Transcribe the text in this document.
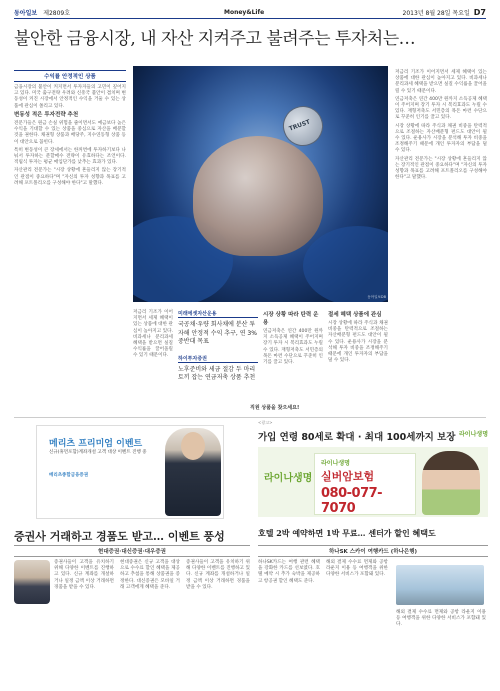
동아일보 제2809호	Money&Life	2013년 8월 28일 목요일 D7
불안한 금융시장, 내 자산 지켜주고 불려주는 투자처는…
수익률 안정적인 상품

금융시장의 불안이 커지면서 투자자들의 고민이 깊어지고 있다. 미국 출구전략 우려와 신흥국 불안이 겹치며 변동성이 커진 시장에서 안정적인 수익을 거둘 수 있는 상품에 관심이 쏠리고 있다.

변동성 적은 투자전략 추천

전문가들은 원금 손실 위험을 줄이면서도 예금보다 높은 수익을 기대할 수 있는 상품을 중심으로 자산을 배분할 것을 권한다. 채권형 상품과 배당주, 지수연동형 상품 등이 대안으로 꼽힌다.

특히 변동성이 큰 장세에서는 한꺼번에 투자하기보다 나눠서 투자하는 분할매수 전략이 유효하다는 조언이다. 적립식 투자는 평균 매입단가를 낮추는 효과가 있다.

자산관리 전문가는 "시장 상황에 흔들리지 않는 장기적인 관점이 중요하다"며 "자신의 투자 성향과 목표를 고려해 포트폴리오를 구성해야 한다"고 말했다.

TRUST
동아일보DB
저금리 기조가 이어지면서 세제 혜택이 있는 상품에 대한 관심이 높아지고 있다. 비과세나 분리과세 혜택을 받으면 실질 수익률을 끌어올릴 수 있기 때문이다.
미래에셋자산운용
국공채·우량 회사채에 분산 투자해 안정적 수익 추구, 연 3% 중반대 목표
하이투자증권
노후준비와 세금 절감 두 마리 토끼 잡는 연금저축 상품 추천
시장 상황 따라 탄력 운용
연금저축은 연간 400만 원까지 소득공제 혜택이 주어지며 장기 투자 시 복리효과도 누릴 수 있다. 재형저축도 서민층의 목돈 마련 수단으로 꾸준히 인기를 끌고 있다.
절세 혜택 상품에 관심
시장 상황에 따라 주식과 채권 비중을 탄력적으로 조절하는 자산배분형 펀드도 대안이 될 수 있다. 운용사가 시장을 분석해 투자 비중을 조정해주기 때문에 개인 투자자의 부담을 덜 수 있다.

저금리 기조가 이어지면서 세제 혜택이 있는 상품에 대한 관심이 높아지고 있다. 비과세나 분리과세 혜택을 받으면 실질 수익률을 끌어올릴 수 있기 때문이다.

연금저축은 연간 400만 원까지 소득공제 혜택이 주어지며 장기 투자 시 복리효과도 누릴 수 있다. 재형저축도 서민층의 목돈 마련 수단으로 꾸준히 인기를 끌고 있다.

시장 상황에 따라 주식과 채권 비중을 탄력적으로 조절하는 자산배분형 펀드도 대안이 될 수 있다. 운용사가 시장을 분석해 투자 비중을 조정해주기 때문에 개인 투자자의 부담을 덜 수 있다.

자산관리 전문가는 "시장 상황에 흔들리지 않는 장기적인 관점이 중요하다"며 "자신의 투자 성향과 목표를 고려해 포트폴리오를 구성해야 한다"고 말했다.

직원 상품을 찾으세요!
<광고>
메리츠 프리미엄 이벤트
신규(휴면포함)계좌개설 고객 대상 이벤트 진행 중
메리츠종합금융증권
가입 연령 80세로 확대 · 최대 100세까지 보장 라이나생명
라이나생명
라이나생명
실버암보험
080-077-7070
증권사 거래하고 경품도 받고… 이벤트 풍성
현대증권·대신증권·대우증권
증권사들이 고객을 유치하기 위해 다양한 이벤트를 진행하고 있다. 신규 계좌를 개설하거나 일정 금액 이상 거래하면 경품을 받을 수 있다.
현대증권은 신규 고객을 대상으로 수수료 할인 혜택을 제공하고 추첨을 통해 상품권을 증정한다. 대신증권은 모바일 거래 고객에게 혜택을 준다.
증권사들이 고객을 유치하기 위해 다양한 이벤트를 진행하고 있다. 신규 계좌를 개설하거나 일정 금액 이상 거래하면 경품을 받을 수 있다.
호텔 2박 예약하면 1박 무료… 센터가 할인 혜택도
하나SK 스카이 여행카드 (하나은행)
하나SK카드는 여행 관련 혜택을 강화한 카드를 선보였다. 호텔 예약 시 추가 숙박을 제공하고 항공권 할인 혜택도 준다.
해외 결제 수수료 면제와 공항 라운지 이용 등 여행객을 위한 다양한 서비스가 포함돼 있다.
해외 결제 수수료 면제와 공항 라운지 이용 등 여행객을 위한 다양한 서비스가 포함돼 있다.
